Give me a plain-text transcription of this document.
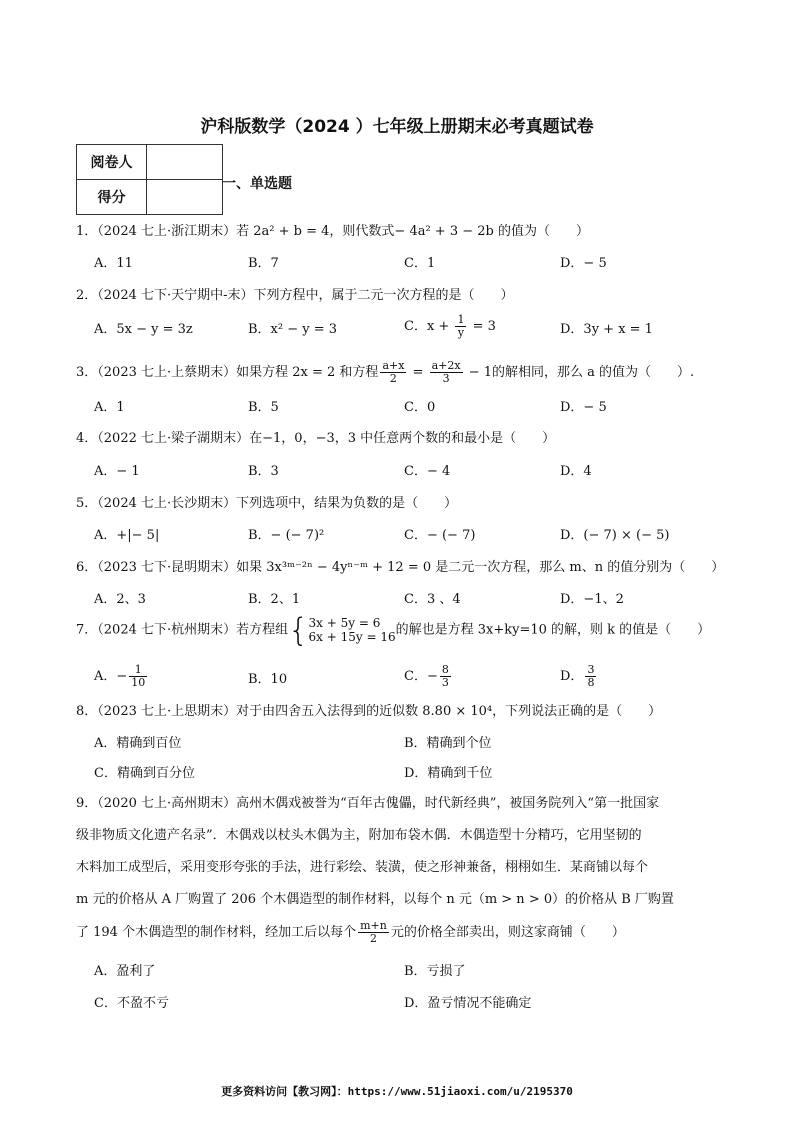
沪科版数学（2024 ）七年级上册期末必考真题试卷
阅卷人	
得分	
一、单选题
1．（2024 七上·浙江期末）若 2a² + b = 4，则代数式− 4a² + 3 − 2b 的值为（　　）
A．11	B．7	C．1	D．− 5
2．（2024 七下·天宁期中-末）下列方程中，属于二元一次方程的是（　　）
A．5x − y = 3z	B．x² − y = 3	C．$x + \frac{1}{y} = 3$	D．3y + x = 1
3．（2023 七上·上蔡期末）如果方程 2x = 2 和方程 $\frac{a+x}{2} = \frac{a+2x}{3} - 1$的解相同，那么 a 的值为（　　）.
A．1	B．5	C．0	D．− 5
4．（2022 七上·梁子湖期末）在−1，0，−3，3 中任意两个数的和最小是（　　）
A．− 1	B．3	C．− 4	D．4
5．（2024 七上·长沙期末）下列选项中，结果为负数的是（　　）
A．+|− 5|	B．− (− 7)²	C．− (− 7)	D．(− 7) × (− 5)
6．（2023 七下·昆明期末）如果 3x³ᵐ⁻²ⁿ − 4yⁿ⁻ᵐ + 12 = 0 是二元一次方程，那么 m、n 的值分别为（　　）
A．2、3	B．2、1	C．3 、4	D．−1、2
7．（2024 七下·杭州期末）若方程组{ 3x + 5y = 6
6x + 15y = 16 的解也是方程 3x+ky=10 的解，则 k 的值是（　　）
A．− $\frac{1}{10}$	B．10	C．− $\frac{8}{3}$	D． $\frac{3}{8}$
8．（2023 七上·上思期末）对于由四舍五入法得到的近似数 8.80 × 10⁴，下列说法正确的是（　　）
A．精确到百位	B．精确到个位
C．精确到百分位	D．精确到千位
9．（2020 七上·高州期末）高州木偶戏被誉为“百年古傀儡，时代新经典”，被国务院列入“第一批国家
级非物质文化遗产名录”．木偶戏以杖头木偶为主，附加布袋木偶．木偶造型十分精巧，它用坚韧的
木料加工成型后，采用变形夸张的手法，进行彩绘、装潢，使之形神兼备，栩栩如生．某商铺以每个
m 元的价格从 A 厂购置了 206 个木偶造型的制作材料，以每个 n 元（m > n > 0）的价格从 B 厂购置
了 194 个木偶造型的制作材料，经加工后以每个 $\frac{m+n}{2}$ 元的价格全部卖出，则这家商铺（　　）
A．盈利了	B．亏损了
C．不盈不亏	D．盈亏情况不能确定
更多资料访问【教习网】：https://www.51jiaoxi.com/u/2195370
